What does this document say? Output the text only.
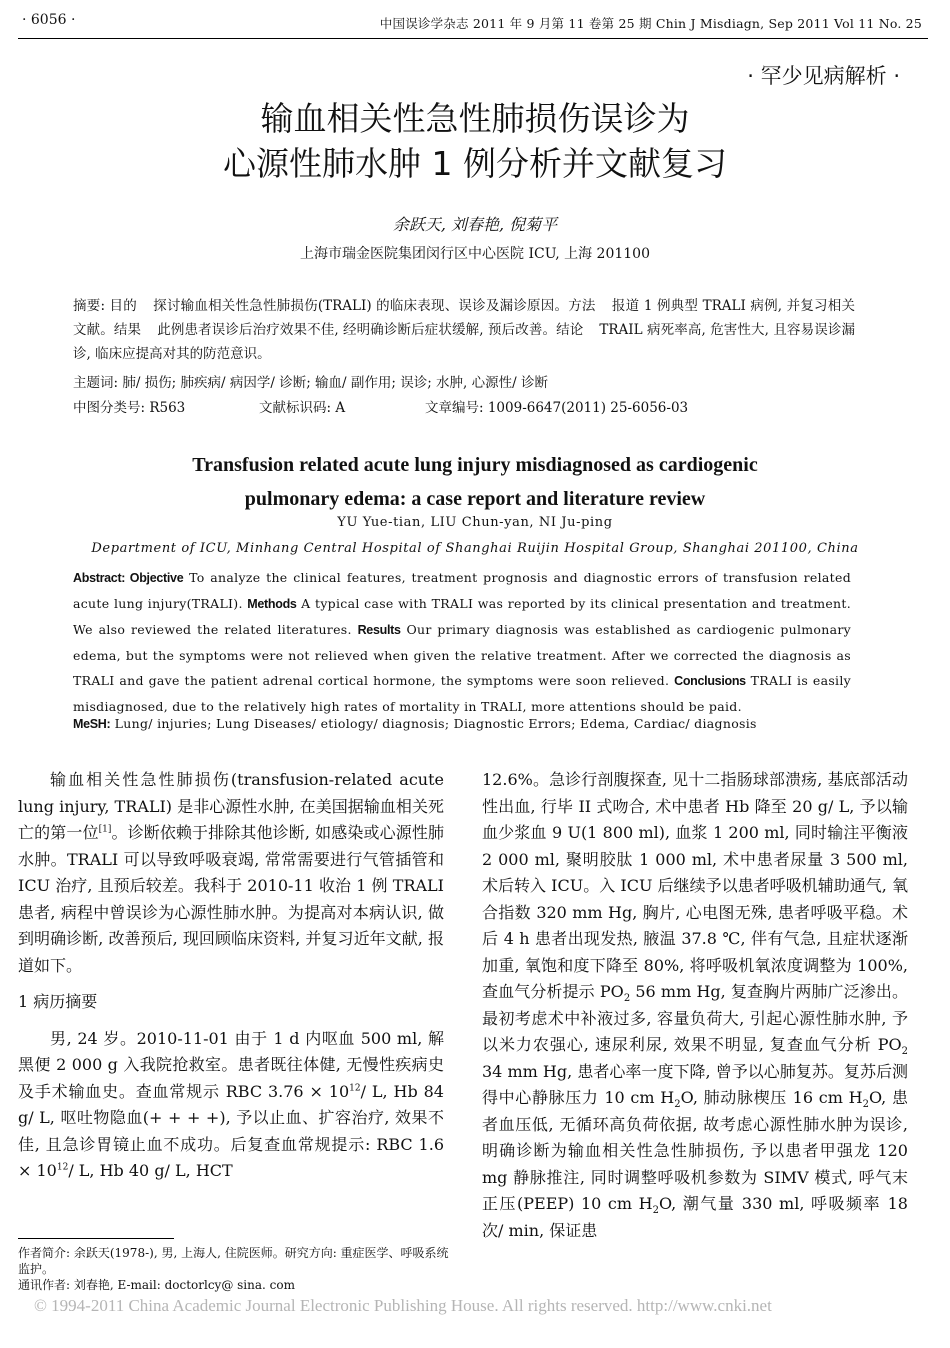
· 6056 ·	中国误诊学杂志 2011 年 9 月第 11 卷第 25 期 Chin J Misdiagn, Sep 2011 Vol 11 No. 25
· 罕少见病解析 ·
输血相关性急性肺损伤误诊为
心源性肺水肿 1 例分析并文献复习
余跃天, 刘春艳, 倪菊平
上海市瑞金医院集团闵行区中心医院 ICU, 上海 201100
摘要: 目的 探讨输血相关性急性肺损伤(TRALI) 的临床表现、误诊及漏诊原因。方法 报道 1 例典型 TRALI 病例, 并复习相关文献。结果 此例患者误诊后治疗效果不佳, 经明确诊断后症状缓解, 预后改善。结论 TRAIL 病死率高, 危害性大, 且容易误诊漏诊, 临床应提高对其的防范意识。
主题词: 肺/ 损伤; 肺疾病/ 病因学/ 诊断; 输血/ 副作用; 误诊; 水肿, 心源性/ 诊断
中图分类号: R563	文献标识码: A	文章编号: 1009-6647(2011) 25-6056-03
Transfusion related acute lung injury misdiagnosed as cardiogenic
pulmonary edema: a case report and literature review
YU Yue-tian, LIU Chun-yan, NI Ju-ping
Department of ICU, Minhang Central Hospital of Shanghai Ruijin Hospital Group, Shanghai 201100, China
Abstract: Objective To analyze the clinical features, treatment prognosis and diagnostic errors of transfusion related acute lung injury(TRALI). Methods A typical case with TRALI was reported by its clinical presentation and treatment. We also reviewed the related literatures. Results Our primary diagnosis was established as cardiogenic pulmonary edema, but the symptoms were not relieved when given the relative treatment. After we corrected the diagnosis as TRALI and gave the patient adrenal cortical hormone, the symptoms were soon relieved. Conclusions TRALI is easily misdiagnosed, due to the relatively high rates of mortality in TRALI, more attentions should be paid.
MeSH: Lung/ injuries; Lung Diseases/ etiology/ diagnosis; Diagnostic Errors; Edema, Cardiac/ diagnosis

输血相关性急性肺损伤(transfusion-related acute lung injury, TRALI) 是非心源性水肿, 在美国据输血相关死亡的第一位[1]。诊断依赖于排除其他诊断, 如感染或心源性肺水肿。TRALI 可以导致呼吸衰竭, 常常需要进行气管插管和 ICU 治疗, 且预后较差。我科于 2010-11 收治 1 例 TRALI 患者, 病程中曾误诊为心源性肺水肿。为提高对本病认识, 做到明确诊断, 改善预后, 现回顾临床资料, 并复习近年文献, 报道如下。

1 病历摘要

男, 24 岁。2010-11-01 由于 1 d 内呕血 500 ml, 解黑便 2 000 g 入我院抢救室。患者既往体健, 无慢性疾病史及手术输血史。查血常规示 RBC $3.76 \times 10^{12}/$ L, Hb 84 g/ L, 呕吐物隐血(+ + + +), 予以止血、扩容治疗, 效果不佳, 且急诊胃镜止血不成功。后复查血常规提示: RBC $1.6 \times 10^{12}/$ L, Hb 40 g/ L, HCT

12.6%。急诊行剖腹探查, 见十二指肠球部溃疡, 基底部活动性出血, 行毕 II 式吻合, 术中患者 Hb 降至 20 g/ L, 予以输血少浆血 9 U(1 800 ml), 血浆 1 200 ml, 同时输注平衡液 2 000 ml, 聚明胶肽 1 000 ml, 术中患者尿量 3 500 ml, 术后转入 ICU。入 ICU 后继续予以患者呼吸机辅助通气, 氧合指数 320 mm Hg, 胸片, 心电图无殊, 患者呼吸平稳。术后 4 h 患者出现发热, 腋温 37.8 ℃, 伴有气急, 且症状逐渐加重, 氧饱和度下降至 80%, 将呼吸机氧浓度调整为 100%, 查血气分析提示 $PO_2$ 56 mm Hg, 复查胸片两肺广泛渗出。最初考虑术中补液过多, 容量负荷大, 引起心源性肺水肿, 予以米力农强心, 速尿利尿, 效果不明显, 复查血气分析 $PO_2$ 34 mm Hg, 患者心率一度下降, 曾予以心肺复苏。复苏后测得中心静脉压力 10 cm $H_2O$, 肺动脉楔压 16 cm $H_2O$, 患者血压低, 无循环高负荷依据, 故考虑心源性肺水肿为误诊, 明确诊断为输血相关性急性肺损伤, 予以患者甲强龙 120 mg 静脉推注, 同时调整呼吸机参数为 SIMV 模式, 呼气末正压(PEEP) 10 cm $H_2O$, 潮气量 330 ml, 呼吸频率 18 次/ min, 保证患

作者简介: 余跃天(1978-), 男, 上海人, 住院医师。研究方向: 重症医学、呼吸系统监护。
通讯作者: 刘春艳, E-mail: doctorlcy@ sina. com
© 1994-2011 China Academic Journal Electronic Publishing House. All rights reserved. http://www.cnki.net
